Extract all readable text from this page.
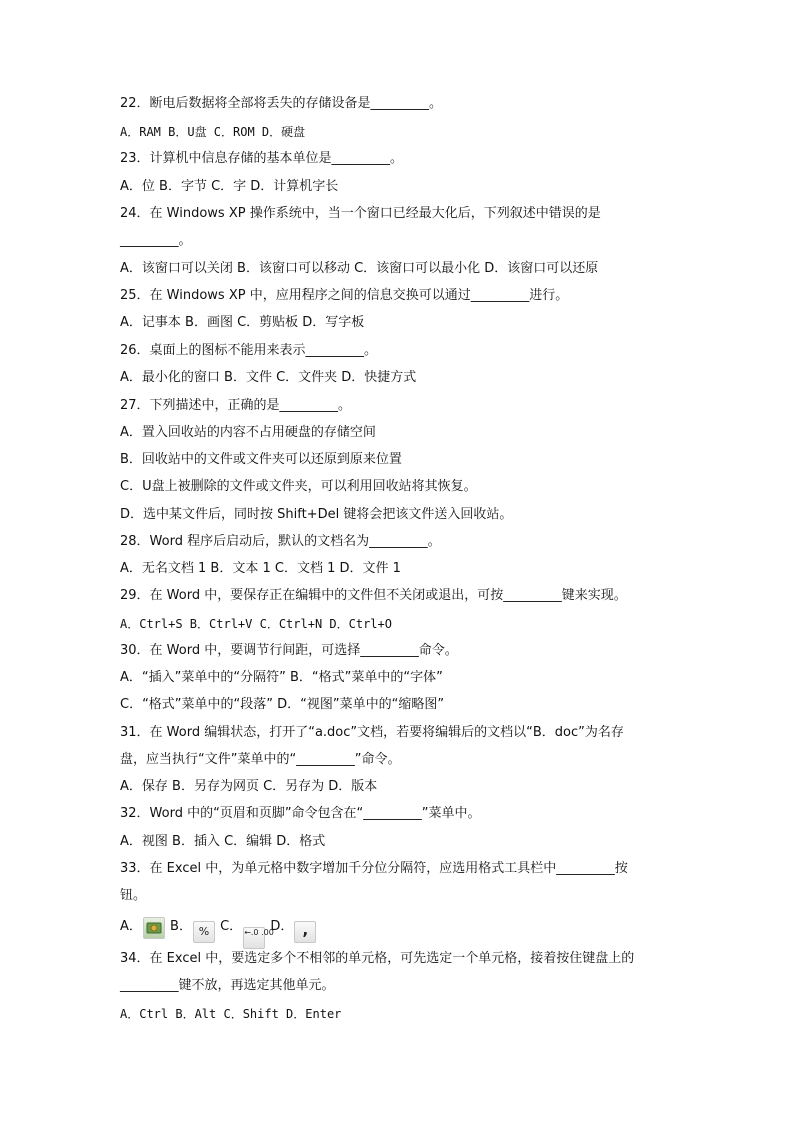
22．断电后数据将全部将丢失的存储设备是_________。
A．RAM B．U盘 C．ROM D．硬盘
23．计算机中信息存储的基本单位是_________。
A．位 B．字节 C．字 D．计算机字长
24．在 Windows XP 操作系统中，当一个窗口已经最大化后，下列叙述中错误的是
_________。
A．该窗口可以关闭 B．该窗口可以移动 C．该窗口可以最小化 D．该窗口可以还原
25．在 Windows XP 中，应用程序之间的信息交换可以通过_________进行。
A．记事本 B．画图 C．剪贴板 D．写字板
26．桌面上的图标不能用来表示_________。
A．最小化的窗口 B．文件 C．文件夹 D．快捷方式
27．下列描述中，正确的是_________。
A．置入回收站的内容不占用硬盘的存储空间
B．回收站中的文件或文件夹可以还原到原来位置
C．U盘上被删除的文件或文件夹，可以利用回收站将其恢复。
D．选中某文件后，同时按 Shift+Del 键将会把该文件送入回收站。
28．Word 程序后启动后，默认的文档名为_________。
A．无名文档 1 B．文本 1 C．文档 1 D．文件 1
29．在 Word 中，要保存正在编辑中的文件但不关闭或退出，可按_________键来实现。
A．Ctrl+S B．Ctrl+V C．Ctrl+N D．Ctrl+O
30．在 Word 中，要调节行间距，可选择_________命令。
A．“插入”菜单中的“分隔符” B．“格式”菜单中的“字体”
C．“格式”菜单中的“段落” D．“视图”菜单中的“缩略图”
31．在 Word 编辑状态，打开了“a.doc”文档，若要将编辑后的文档以“B．doc”为名存
盘，应当执行“文件”菜单中的“_________”命令。
A．保存 B．另存为网页 C．另存为 D．版本
32．Word 中的“页眉和页脚”命令包含在“_________”菜单中。
A．视图 B．插入 C．编辑 D．格式
33．在 Excel 中，为单元格中数字增加千分位分隔符，应选用格式工具栏中_________按
钮。
A． B． % C． ←.0 .00 D． ,
34．在 Excel 中，要选定多个不相邻的单元格，可先选定一个单元格，接着按住键盘上的
_________键不放，再选定其他单元。
A．Ctrl B．Alt C．Shift D．Enter
